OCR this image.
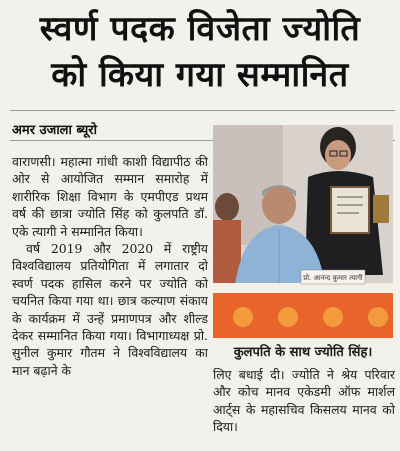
स्वर्ण पदक विजेता ज्योति
को किया गया सम्मानित
अमर उजाला ब्यूरो

वाराणसी। महात्मा गांधी काशी विद्यापीठ की ओर से आयोजित सम्मान समारोह में शारीरिक शिक्षा विभाग के एमपीएड प्रथम वर्ष की छात्रा ज्योति सिंह को कुलपति डॉ. एके त्यागी ने सम्मानित किया।

वर्ष 2019 और 2020 में राष्ट्रीय विश्वविद्यालय प्रतियोगिता में लगातार दो स्वर्ण पदक हासिल करने पर ज्योति को चयनित किया गया था। छात्र कल्याण संकाय के कार्यक्रम में उन्हें प्रमाणपत्र और शील्ड देकर सम्मानित किया गया। विभागाध्यक्ष प्रो. सुनील कुमार गौतम ने विश्वविद्यालय का मान बढ़ाने के

प्रो. आनन्द कुमार त्यागी
कुलपति के साथ ज्योति सिंह।

लिए बधाई दी। ज्योति ने श्रेय परिवार और कोच मानव एकेडमी ऑफ मार्शल आर्ट्स के महासचिव किसलय मानव को दिया।
